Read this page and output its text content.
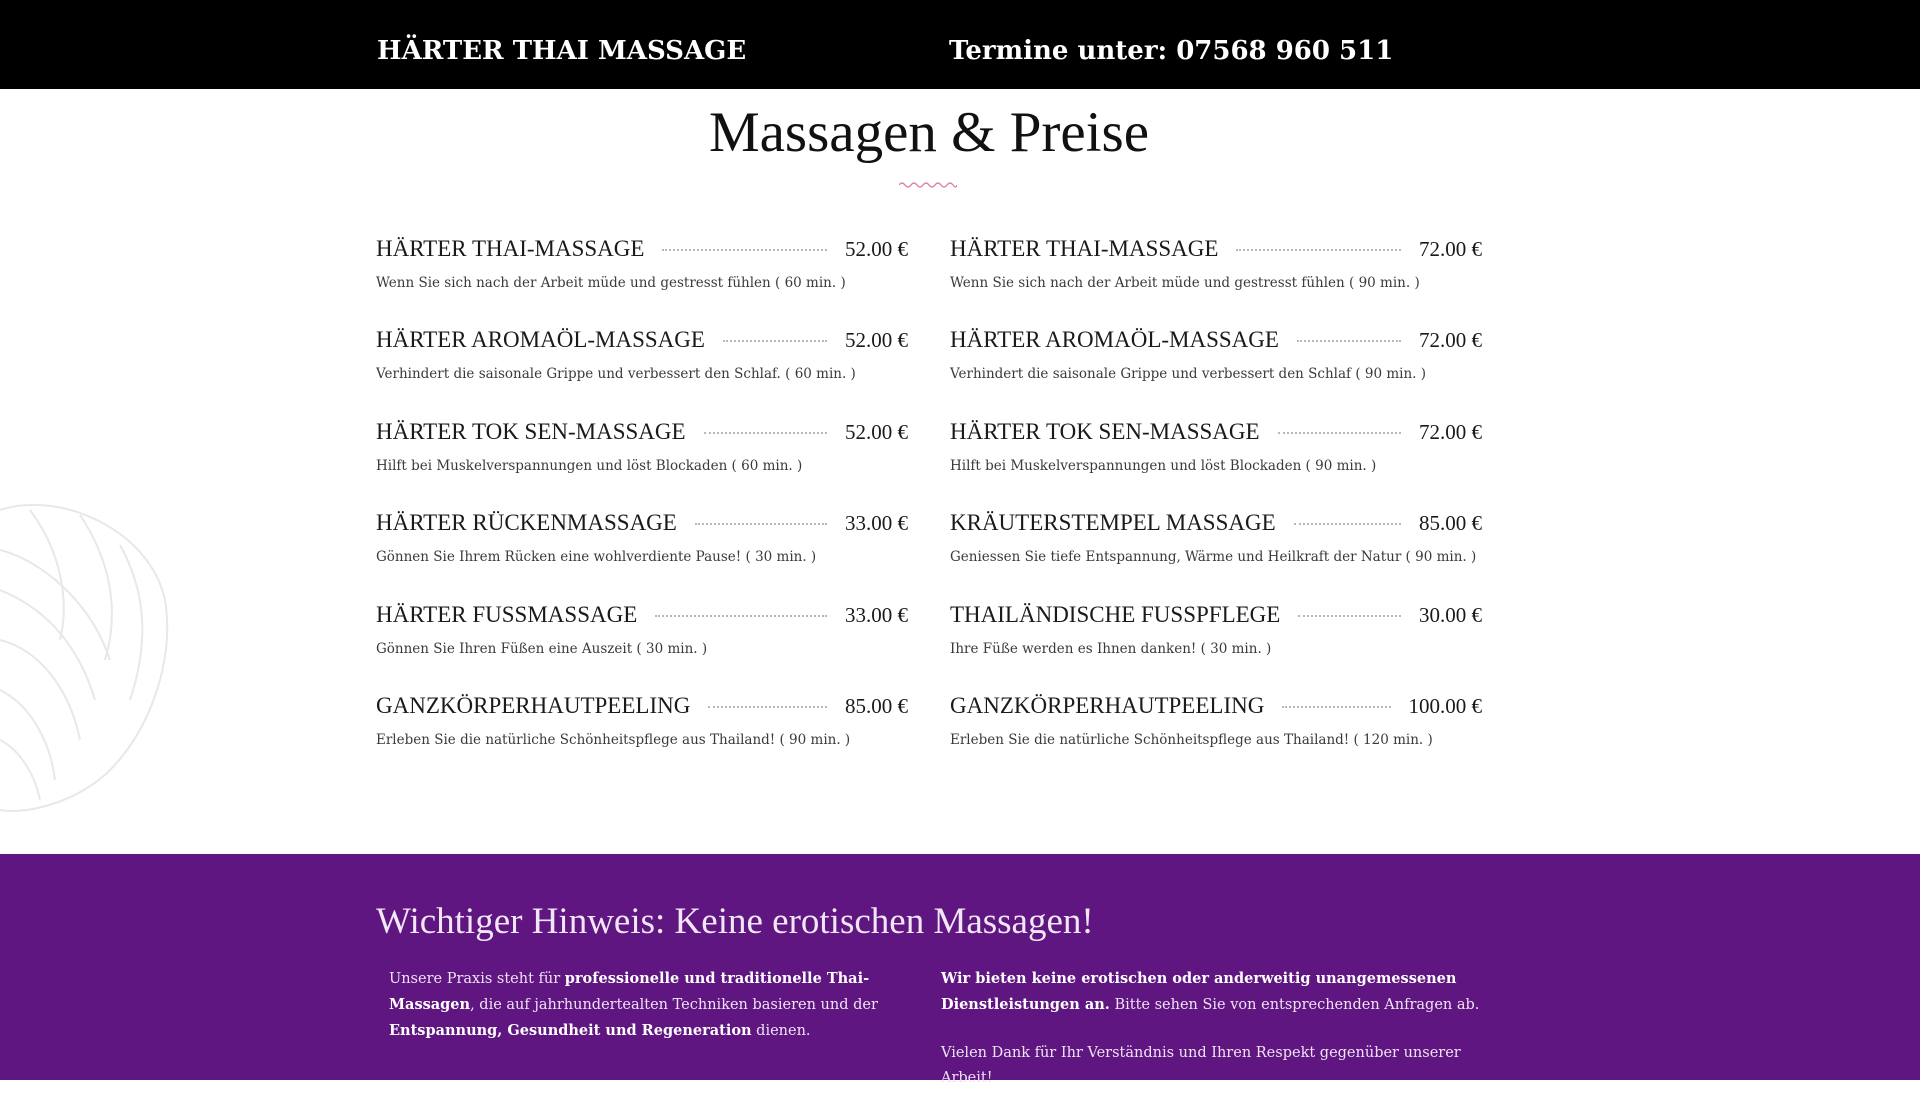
HÄRTER THAI MASSAGE	Termine unter: 07568 960 511
Massagen & Preise
HÄRTER THAI-MASSAGE	52.00 €
Wenn Sie sich nach der Arbeit müde und gestresst fühlen ( 60 min. )
HÄRTER AROMAÖL-MASSAGE	52.00 €
Verhindert die saisonale Grippe und verbessert den Schlaf. ( 60 min. )
HÄRTER TOK SEN-MASSAGE	52.00 €
Hilft bei Muskelverspannungen und löst Blockaden ( 60 min. )
HÄRTER RÜCKENMASSAGE	33.00 €
Gönnen Sie Ihrem Rücken eine wohlverdiente Pause! ( 30 min. )
HÄRTER FUSSMASSAGE	33.00 €
Gönnen Sie Ihren Füßen eine Auszeit ( 30 min. )
GANZKÖRPERHAUTPEELING	85.00 €
Erleben Sie die natürliche Schönheitspflege aus Thailand! ( 90 min. )
HÄRTER THAI-MASSAGE	72.00 €
Wenn Sie sich nach der Arbeit müde und gestresst fühlen ( 90 min. )
HÄRTER AROMAÖL-MASSAGE	72.00 €
Verhindert die saisonale Grippe und verbessert den Schlaf ( 90 min. )
HÄRTER TOK SEN-MASSAGE	72.00 €
Hilft bei Muskelverspannungen und löst Blockaden ( 90 min. )
KRÄUTERSTEMPEL MASSAGE	85.00 €
Geniessen Sie tiefe Entspannung, Wärme und Heilkraft der Natur ( 90 min. )
THAILÄNDISCHE FUSSPFLEGE	30.00 €
Ihre Füße werden es Ihnen danken! ( 30 min. )
GANZKÖRPERHAUTPEELING	100.00 €
Erleben Sie die natürliche Schönheitspflege aus Thailand! ( 120 min. )
Wichtiger Hinweis: Keine erotischen Massagen!

Unsere Praxis steht für professionelle und traditionelle Thai-Massagen, die auf jahrhundertealten Techniken basieren und der Entspannung, Gesundheit und Regeneration dienen.

Wir bieten keine erotischen oder anderweitig unangemessenen Dienstleistungen an. Bitte sehen Sie von entsprechenden Anfragen ab.

Vielen Dank für Ihr Verständnis und Ihren Respekt gegenüber unserer Arbeit!
